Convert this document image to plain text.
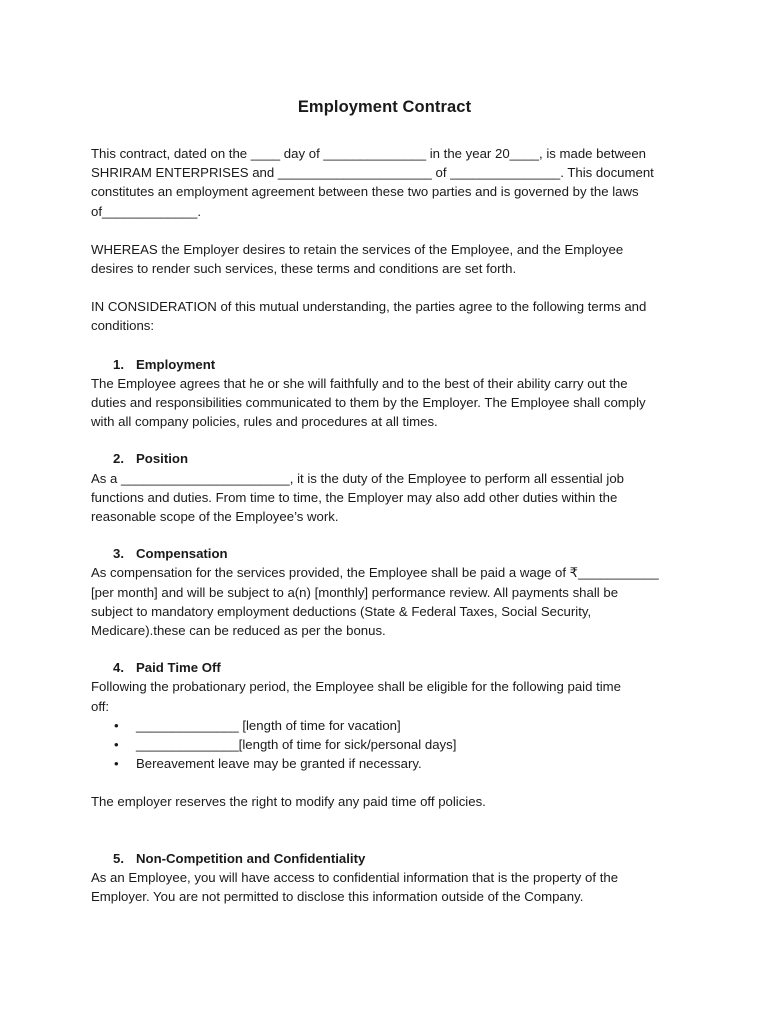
Employment Contract

This contract, dated on the ____ day of ______________ in the year 20____, is made between

SHRIRAM ENTERPRISES and _____________________ of _______________. This document

constitutes an employment agreement between these two parties and is governed by the laws

of_____________.

WHEREAS the Employer desires to retain the services of the Employee, and the Employee

desires to render such services, these terms and conditions are set forth.

IN CONSIDERATION of this mutual understanding, the parties agree to the following terms and

conditions:

1. Employment

The Employee agrees that he or she will faithfully and to the best of their ability carry out the

duties and responsibilities communicated to them by the Employer. The Employee shall comply

with all company policies, rules and procedures at all times.

2. Position

As a _______________________, it is the duty of the Employee to perform all essential job

functions and duties. From time to time, the Employer may also add other duties within the

reasonable scope of the Employee’s work.

3. Compensation

As compensation for the services provided, the Employee shall be paid a wage of ₹___________

[per month] and will be subject to a(n) [monthly] performance review. All payments shall be

subject to mandatory employment deductions (State & Federal Taxes, Social Security,

Medicare).these can be reduced as per the bonus.

4. Paid Time Off

Following the probationary period, the Employee shall be eligible for the following paid time

off:

• ______________ [length of time for vacation]
• ______________[length of time for sick/personal days]
• Bereavement leave may be granted if necessary.

The employer reserves the right to modify any paid time off policies.

5. Non-Competition and Confidentiality

As an Employee, you will have access to confidential information that is the property of the

Employer. You are not permitted to disclose this information outside of the Company.
